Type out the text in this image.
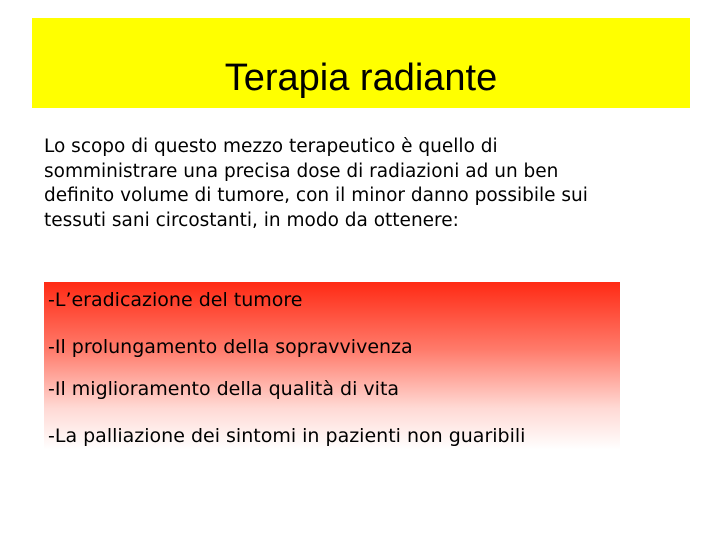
Terapia radiante
Lo scopo di questo mezzo terapeutico è quello di
somministrare una precisa dose di radiazioni ad un ben
definito volume di tumore, con il minor danno possibile sui
tessuti sani circostanti, in modo da ottenere:
-L’eradicazione del tumore
-Il prolungamento della sopravvivenza
-Il miglioramento della qualità di vita
-La palliazione dei sintomi in pazienti non guaribili
